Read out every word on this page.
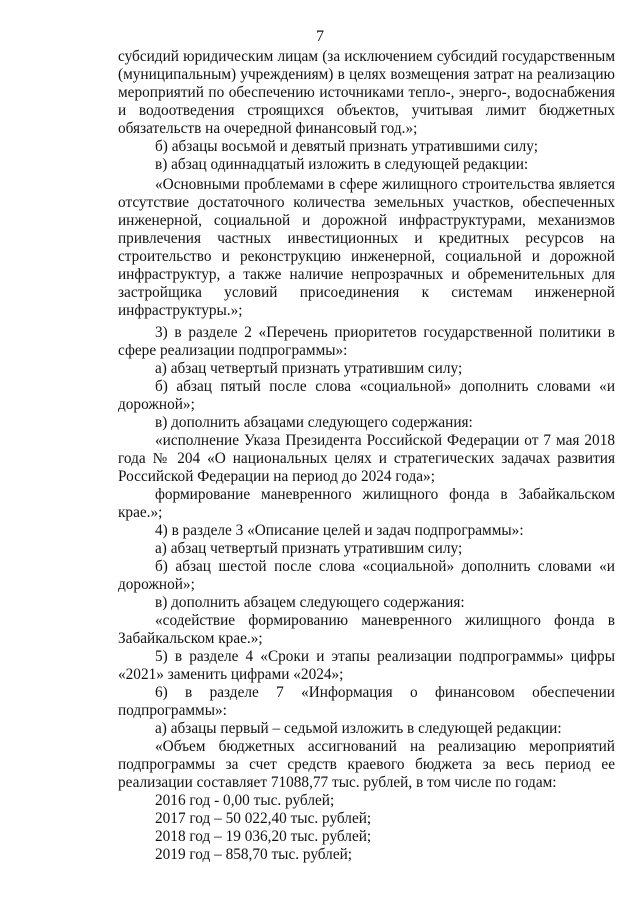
7

субсидий юридическим лицам (за исключением субсидий государственным (муниципальным) учреждениям) в целях возмещения затрат на реализацию мероприятий по обеспечению источниками тепло-, энерго-, водоснабжения и водоотведения строящихся объектов, учитывая лимит бюджетных обязательств на очередной финансовый год.»;

б) абзацы восьмой и девятый признать утратившими силу;

в) абзац одиннадцатый изложить в следующей редакции:

«Основными проблемами в сфере жилищного строительства является отсутствие достаточного количества земельных участков, обеспеченных инженерной, социальной и дорожной инфраструктурами, механизмов привлечения частных инвестиционных и кредитных ресурсов на строительство и реконструкцию инженерной, социальной и дорожной инфраструктур, а также наличие непрозрачных и обременительных для застройщика условий присоединения к системам инженерной инфраструктуры.»;

3) в разделе 2 «Перечень приоритетов государственной политики в сфере реализации подпрограммы»:

а) абзац четвертый признать утратившим силу;

б) абзац пятый после слова «социальной» дополнить словами «и дорожной»;

в) дополнить абзацами следующего содержания:

«исполнение Указа Президента Российской Федерации от 7 мая 2018 года № 204 «О национальных целях и стратегических задачах развития Российской Федерации на период до 2024 года»;

формирование маневренного жилищного фонда в Забайкальском крае.»;

4) в разделе 3 «Описание целей и задач подпрограммы»:

а) абзац четвертый признать утратившим силу;

б) абзац шестой после слова «социальной» дополнить словами «и дорожной»;

в) дополнить абзацем следующего содержания:

«содействие формированию маневренного жилищного фонда в Забайкальском крае.»;

5) в разделе 4 «Сроки и этапы реализации подпрограммы» цифры «2021» заменить цифрами «2024»;

6) в разделе 7 «Информация о финансовом обеспечении подпрограммы»:

а) абзацы первый – седьмой изложить в следующей редакции:

«Объем бюджетных ассигнований на реализацию мероприятий подпрограммы за счет средств краевого бюджета за весь период ее реализации составляет 71088,77 тыс. рублей, в том числе по годам:

2016 год - 0,00 тыс. рублей;

2017 год – 50 022,40 тыс. рублей;

2018 год – 19 036,20 тыс. рублей;

2019 год – 858,70 тыс. рублей;
